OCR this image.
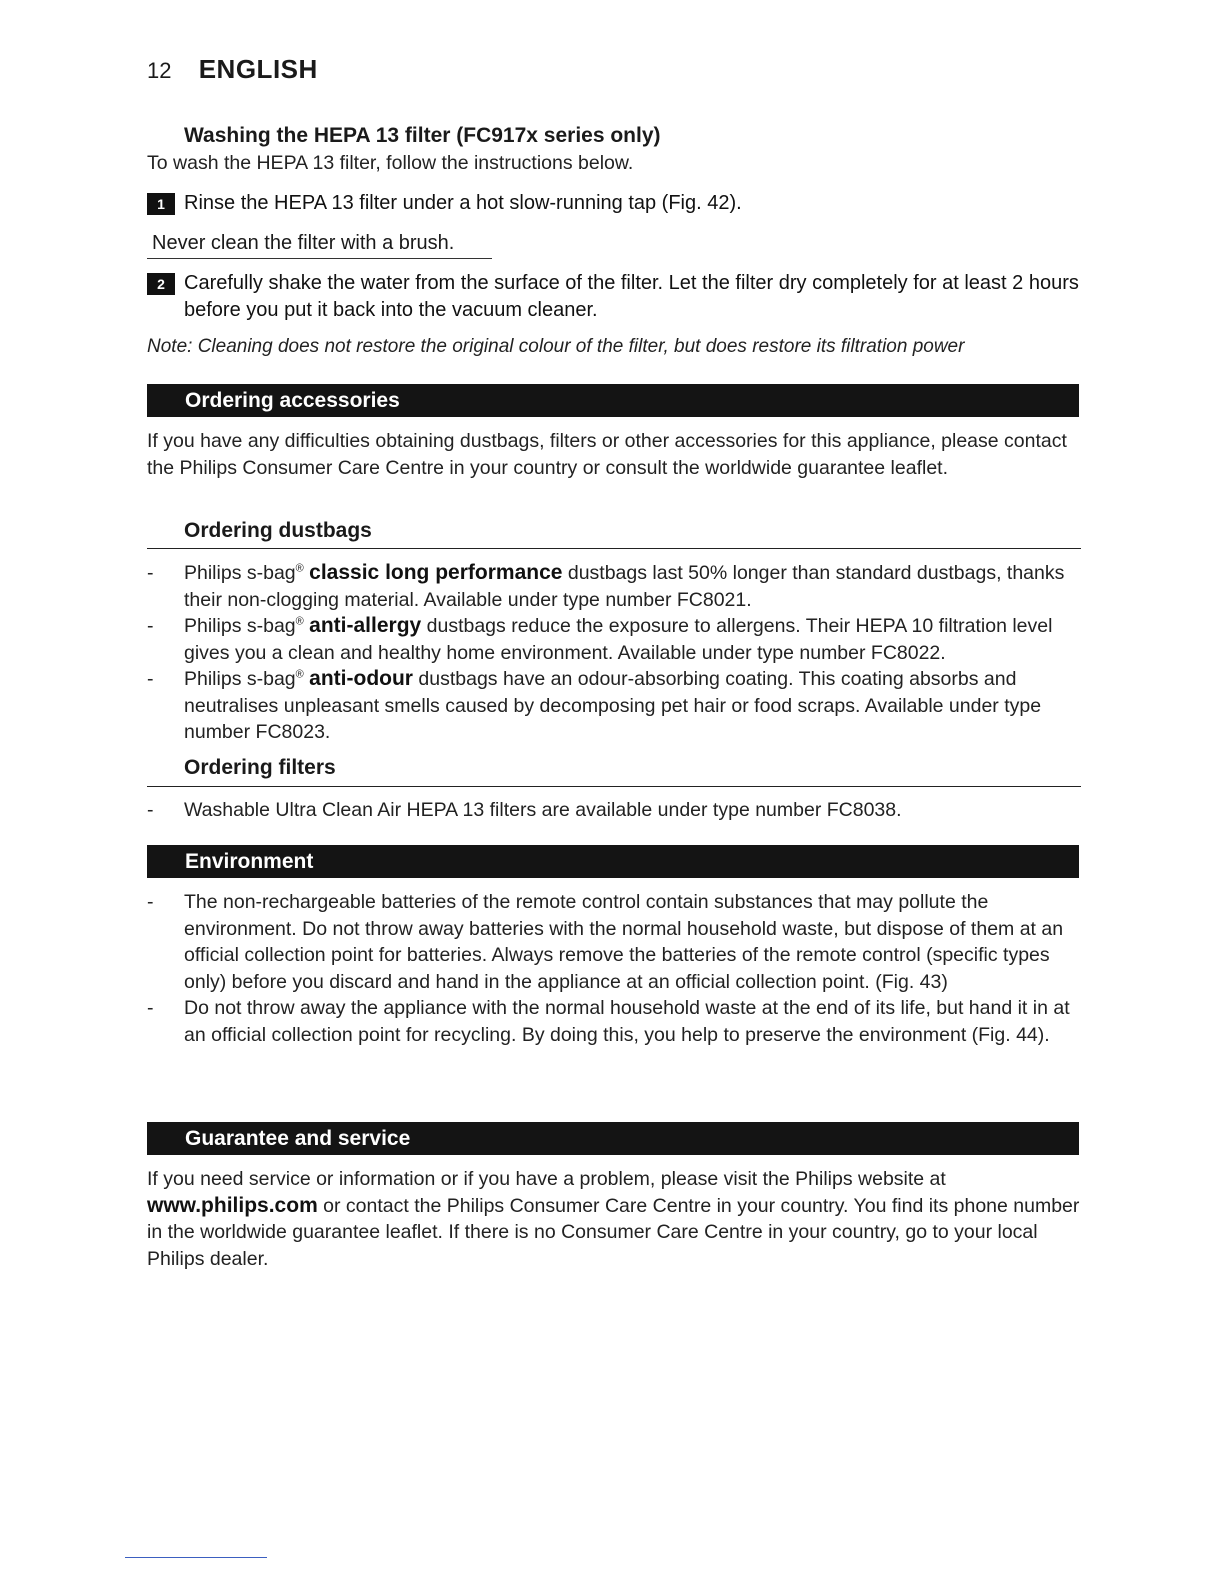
12 ENGLISH
Washing the HEPA 13 filter (FC917x series only)
To wash the HEPA 13 filter, follow the instructions below.
1 Rinse the HEPA 13 filter under a hot slow-running tap (Fig. 42).
Never clean the filter with a brush.
2 Carefully shake the water from the surface of the filter. Let the filter dry completely for at least 2 hours before you put it back into the vacuum cleaner.
Note: Cleaning does not restore the original colour of the filter, but does restore its filtration power
Ordering accessories
If you have any difficulties obtaining dustbags, filters or other accessories for this appliance, please contact the Philips Consumer Care Centre in your country or consult the worldwide guarantee leaflet.
Ordering dustbags
- Philips s-bag® classic long performance dustbags last 50% longer than standard dustbags, thanks their non-clogging material. Available under type number FC8021.
- Philips s-bag® anti-allergy dustbags reduce the exposure to allergens. Their HEPA 10 filtration level gives you a clean and healthy home environment. Available under type number FC8022.
- Philips s-bag® anti-odour dustbags have an odour-absorbing coating. This coating absorbs and neutralises unpleasant smells caused by decomposing pet hair or food scraps. Available under type number FC8023.
Ordering filters
- Washable Ultra Clean Air HEPA 13 filters are available under type number FC8038.
Environment
- The non-rechargeable batteries of the remote control contain substances that may pollute the environment. Do not throw away batteries with the normal household waste, but dispose of them at an official collection point for batteries. Always remove the batteries of the remote control (specific types only) before you discard and hand in the appliance at an official collection point. (Fig. 43)
- Do not throw away the appliance with the normal household waste at the end of its life, but hand it in at an official collection point for recycling. By doing this, you help to preserve the environment (Fig. 44).
Guarantee and service
If you need service or information or if you have a problem, please visit the Philips website at www.philips.com or contact the Philips Consumer Care Centre in your country. You find its phone number in the worldwide guarantee leaflet. If there is no Consumer Care Centre in your country, go to your local Philips dealer.
